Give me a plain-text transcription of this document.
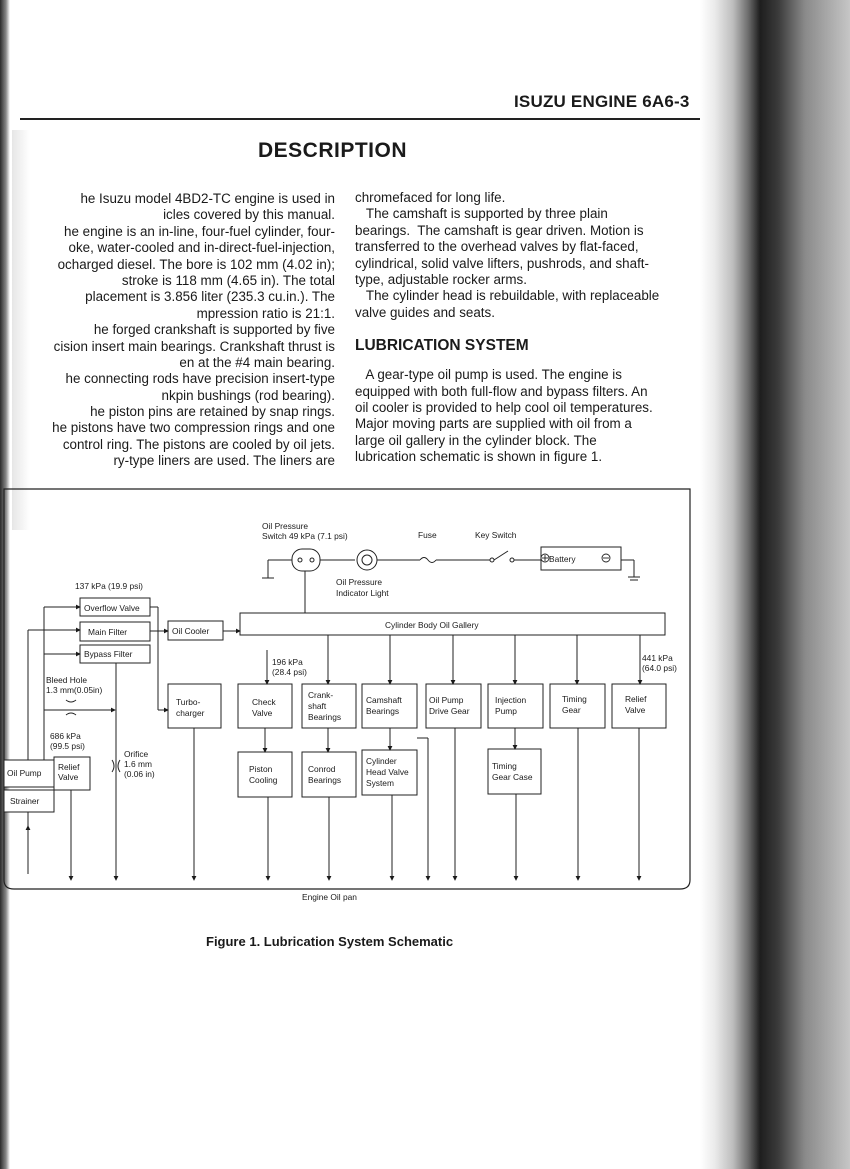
ISUZU ENGINE 6A6-3
DESCRIPTION
he Isuzu model 4BD2-TC engine is used in
icles covered by this manual.
he engine is an in-line, four-fuel cylinder, four-
oke, water-cooled and in-direct-fuel-injection,
ocharged diesel. The bore is 102 mm (4.02 in);
stroke is 118 mm (4.65 in). The total
placement is 3.856 liter (235.3 cu.in.). The
mpression ratio is 21:1.
he forged crankshaft is supported by five
cision insert main bearings. Crankshaft thrust is
en at the #4 main bearing.
he connecting rods have precision insert-type
nkpin bushings (rod bearing).
he piston pins are retained by snap rings.
he pistons have two compression rings and one
control ring. The pistons are cooled by oil jets.
ry-type liners are used. The liners are
chromefaced for long life.
The camshaft is supported by three plain
bearings.  The camshaft is gear driven. Motion is
transferred to the overhead valves by flat-faced,
cylindrical, solid valve lifters, pushrods, and shaft-
type, adjustable rocker arms.
The cylinder head is rebuildable, with replaceable
valve guides and seats.
LUBRICATION SYSTEM
A gear-type oil pump is used. The engine is
equipped with both full-flow and bypass filters. An
oil cooler is provided to help cool oil temperatures.
Major moving parts are supplied with oil from a
large oil gallery in the cylinder block. The
lubrication schematic is shown in figure 1.
Oil Pressure
Switch 49 kPa (7.1 psi)	Fuse	Key Switch
Battery
Oil Pressure
Indicator Light
137 kPa (19.9 psi)
Overflow Valve
Main Filter
Bypass Filter
Oil Cooler
Cylinder Body Oil Gallery
196 kPa
(28.4 psi)
441 kPa
(64.0 psi)
Bleed Hole
1.3 mm(0.05in)
Turbo-
charger
Check
Valve
Crank-
shaft
Bearings
Camshaft
Bearings
Oil Pump
Drive Gear
Injection
Pump
Timing
Gear
Relief
Valve
686 kPa
(99.5 psi)
Orifice
1.6 mm
(0.06 in)
Oil Pump
Relief
Valve
Strainer
Piston
Cooling
Conrod
Bearings
Cylinder
Head Valve
System
Timing
Gear Case
Engine Oil pan
Figure 1. Lubrication System Schematic
